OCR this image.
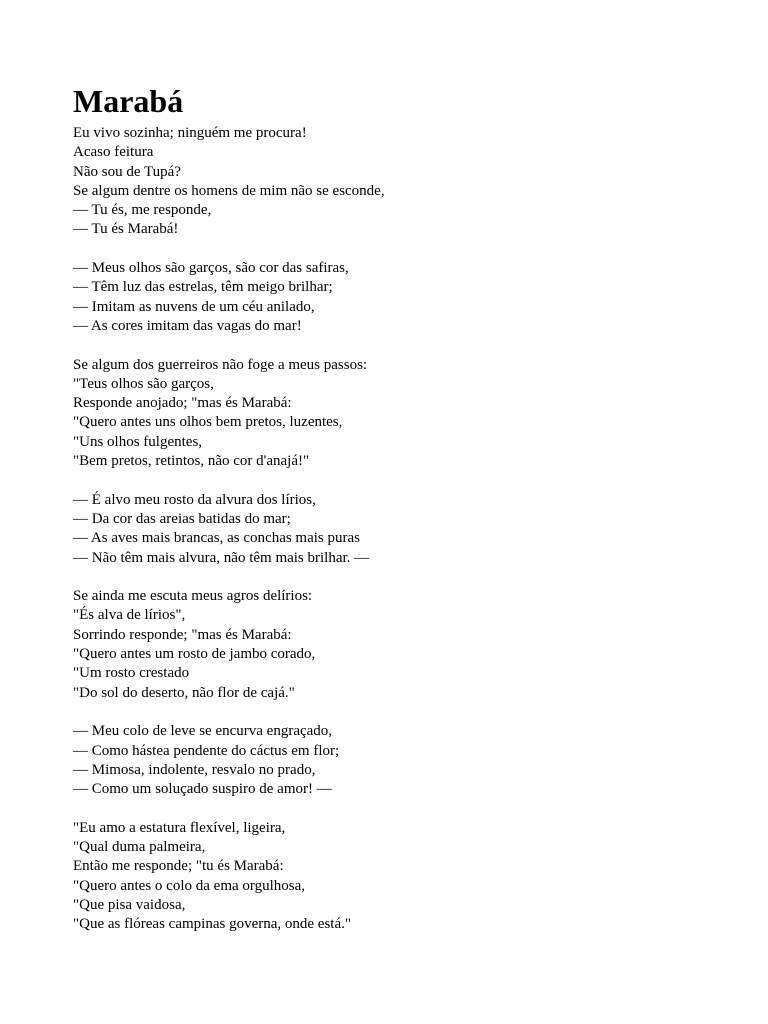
Marabá
Eu vivo sozinha; ninguém me procura!
Acaso feitura
Não sou de Tupá?
Se algum dentre os homens de mim não se esconde,
— Tu és, me responde,
— Tu és Marabá!
— Meus olhos são garços, são cor das safiras,
— Têm luz das estrelas, têm meigo brilhar;
— Imitam as nuvens de um céu anilado,
— As cores imitam das vagas do mar!
Se algum dos guerreiros não foge a meus passos:
"Teus olhos são garços,
Responde anojado; "mas és Marabá:
"Quero antes uns olhos bem pretos, luzentes,
"Uns olhos fulgentes,
"Bem pretos, retintos, não cor d'anajá!"
— É alvo meu rosto da alvura dos lírios,
— Da cor das areias batidas do mar;
— As aves mais brancas, as conchas mais puras
— Não têm mais alvura, não têm mais brilhar. —
Se ainda me escuta meus agros delírios:
"És alva de lírios",
Sorrindo responde; "mas és Marabá:
"Quero antes um rosto de jambo corado,
"Um rosto crestado
"Do sol do deserto, não flor de cajá."
— Meu colo de leve se encurva engraçado,
— Como hástea pendente do cáctus em flor;
— Mimosa, indolente, resvalo no prado,
— Como um soluçado suspiro de amor! —
"Eu amo a estatura flexível, ligeira,
"Qual duma palmeira,
Então me responde; "tu és Marabá:
"Quero antes o colo da ema orgulhosa,
"Que pisa vaidosa,
"Que as flóreas campinas governa, onde está."
